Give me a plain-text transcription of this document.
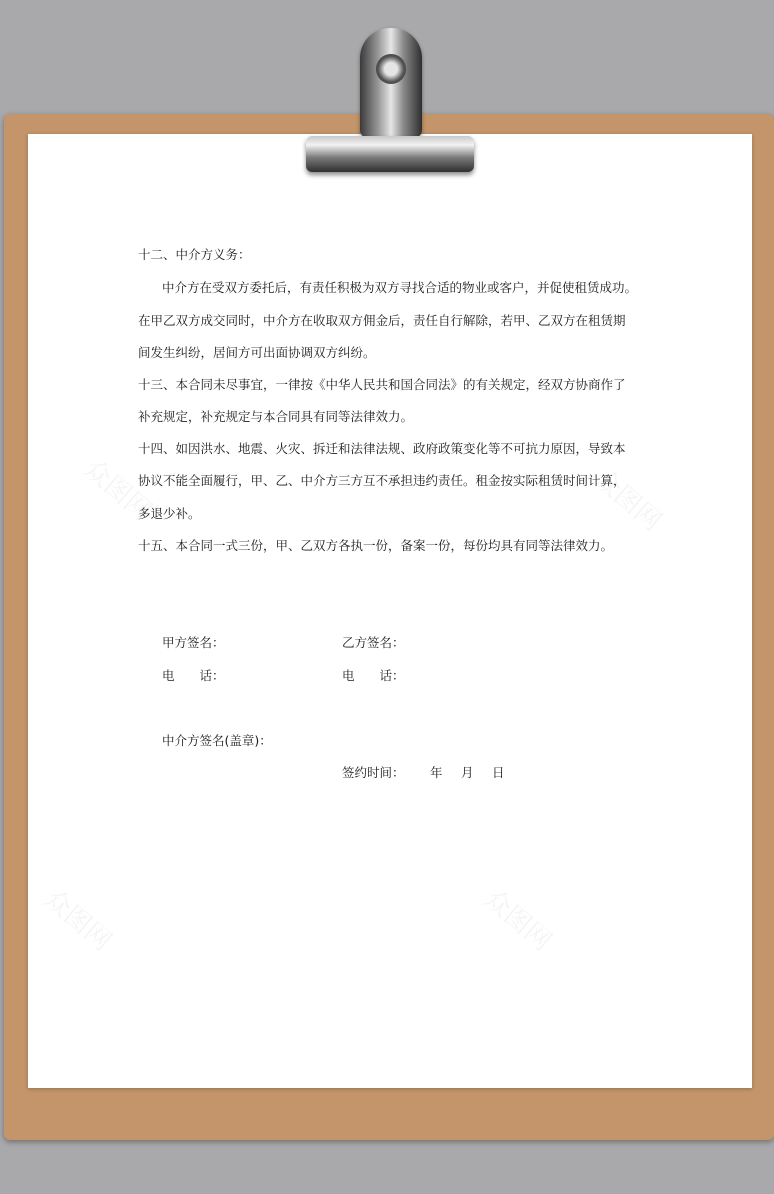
十二、中介方义务：
中介方在受双方委托后，有责任积极为双方寻找合适的物业或客户，并促使租赁成功。
在甲乙双方成交同时，中介方在收取双方佣金后，责任自行解除，若甲、乙双方在租赁期
间发生纠纷，居间方可出面协调双方纠纷。
十三、本合同未尽事宜，一律按《中华人民共和国合同法》的有关规定，经双方协商作了
补充规定，补充规定与本合同具有同等法律效力。
十四、如因洪水、地震、火灾、拆迁和法律法规、政府政策变化等不可抗力原因，导致本
协议不能全面履行，甲、乙、中介方三方互不承担违约责任。租金按实际租赁时间计算，
多退少补。
十五、本合同一式三份，甲、乙双方各执一份，备案一份，每份均具有同等法律效力。
甲方签名：	乙方签名：
电　　话：	电　　话：
中介方签名(盖章)：
签约时间： 年 月 日
